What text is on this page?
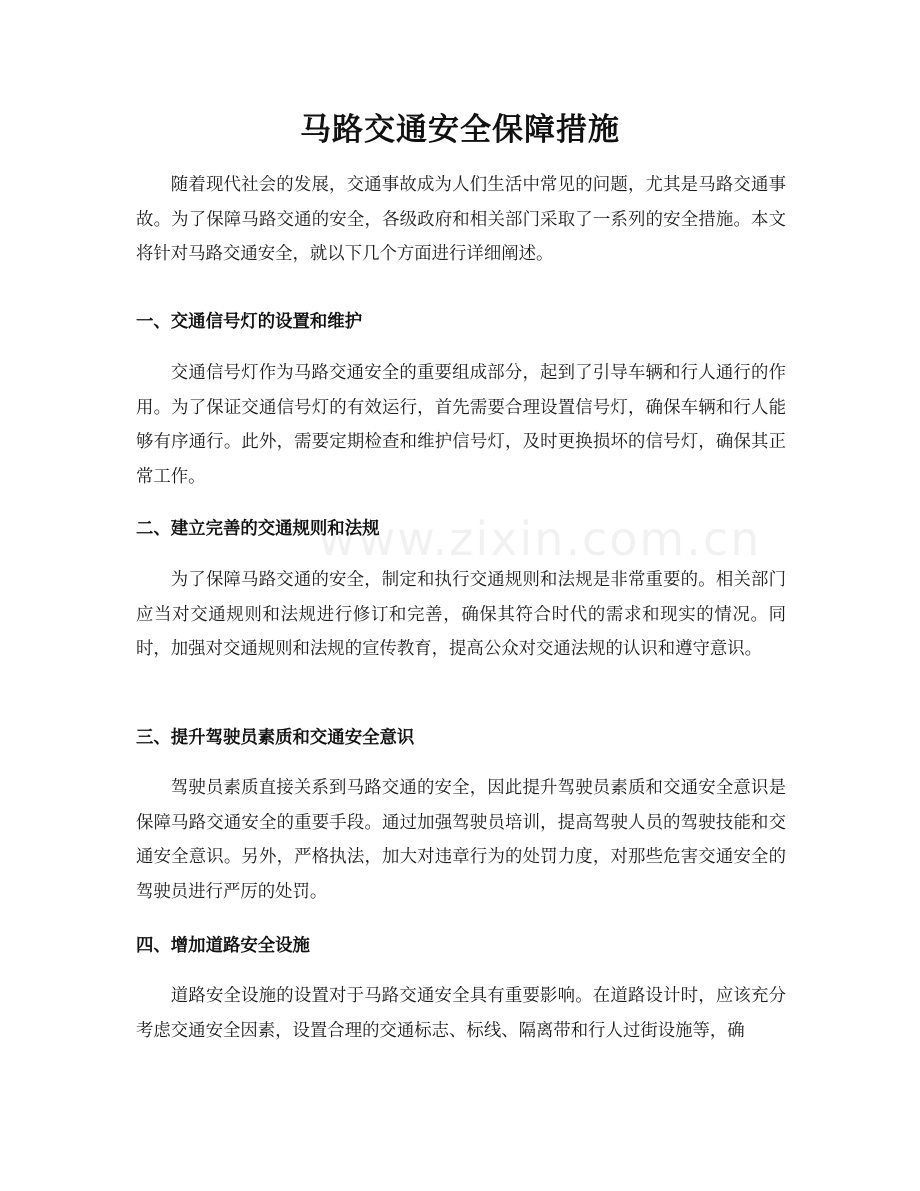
www.zixin.com.cn
马路交通安全保障措施

随着现代社会的发展，交通事故成为人们生活中常见的问题，尤其是马路交通事故。为了保障马路交通的安全，各级政府和相关部门采取了一系列的安全措施。本文将针对马路交通安全，就以下几个方面进行详细阐述。

一、交通信号灯的设置和维护

交通信号灯作为马路交通安全的重要组成部分，起到了引导车辆和行人通行的作用。为了保证交通信号灯的有效运行，首先需要合理设置信号灯，确保车辆和行人能够有序通行。此外，需要定期检查和维护信号灯，及时更换损坏的信号灯，确保其正常工作。

二、建立完善的交通规则和法规

为了保障马路交通的安全，制定和执行交通规则和法规是非常重要的。相关部门应当对交通规则和法规进行修订和完善，确保其符合时代的需求和现实的情况。同时，加强对交通规则和法规的宣传教育，提高公众对交通法规的认识和遵守意识。

三、提升驾驶员素质和交通安全意识

驾驶员素质直接关系到马路交通的安全，因此提升驾驶员素质和交通安全意识是保障马路交通安全的重要手段。通过加强驾驶员培训，提高驾驶人员的驾驶技能和交通安全意识。另外，严格执法，加大对违章行为的处罚力度，对那些危害交通安全的驾驶员进行严厉的处罚。

四、增加道路安全设施

道路安全设施的设置对于马路交通安全具有重要影响。在道路设计时，应该充分考虑交通安全因素，设置合理的交通标志、标线、隔离带和行人过街设施等，确
